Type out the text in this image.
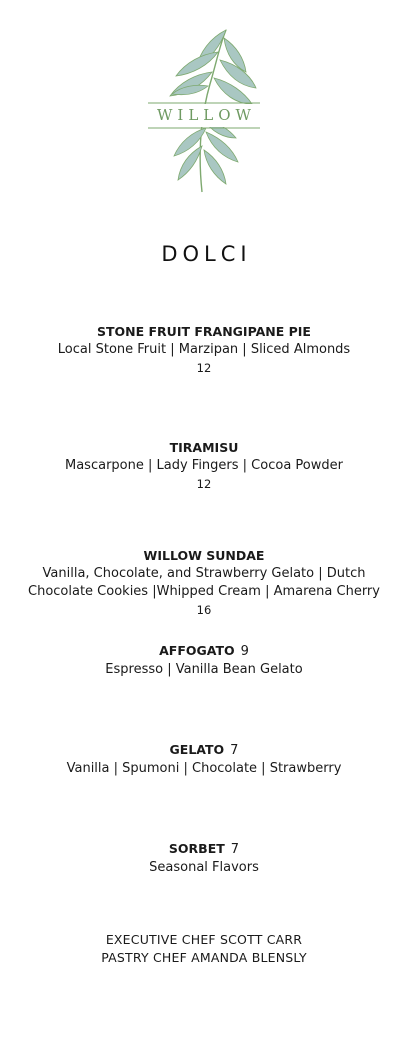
WILLOW
DOLCI
STONE FRUIT FRANGIPANE PIE
Local Stone Fruit | Marzipan | Sliced Almonds
12
TIRAMISU
Mascarpone | Lady Fingers | Cocoa Powder
12
WILLOW SUNDAE
Vanilla, Chocolate, and Strawberry Gelato | Dutch
Chocolate Cookies |Whipped Cream | Amarena Cherry
16
AFFOGATO 9
Espresso | Vanilla Bean Gelato
GELATO 7
Vanilla | Spumoni | Chocolate | Strawberry
SORBET 7
Seasonal Flavors
EXECUTIVE CHEF SCOTT CARR
PASTRY CHEF AMANDA BLENSLY
